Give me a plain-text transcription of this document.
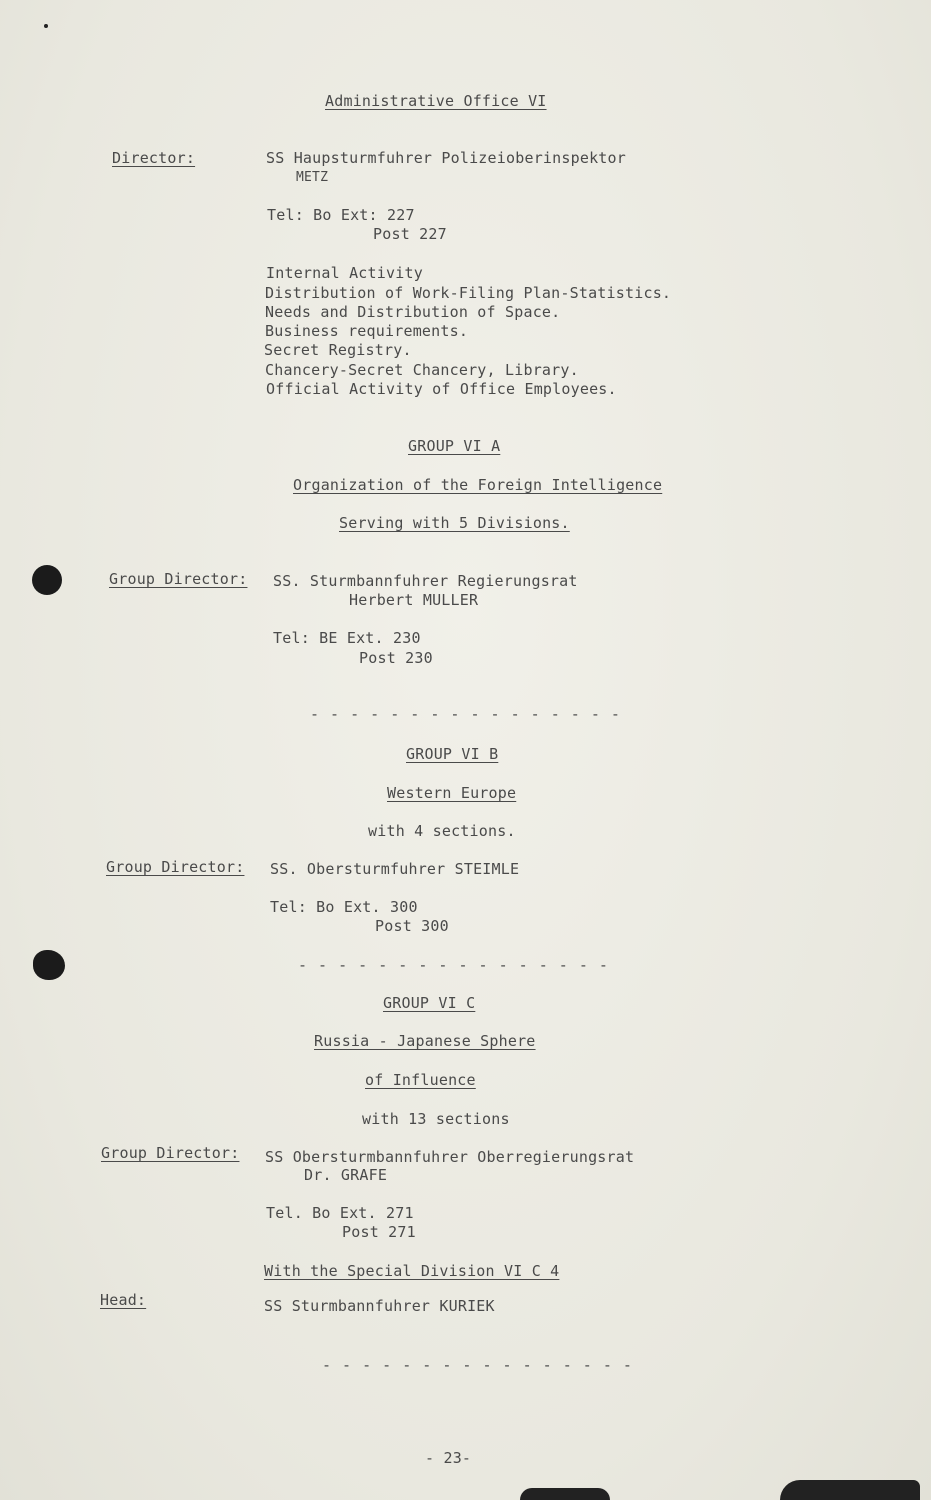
Administrative Office VI
Director:	SS Haupsturmfuhrer Polizeioberinspektor
METZ
Tel: Bo Ext: 227
Post 227
Internal Activity
Distribution of Work-Filing Plan-Statistics.
Needs and Distribution of Space.
Business requirements.
Secret Registry.
Chancery-Secret Chancery, Library.
Official Activity of Office Employees.
GROUP VI A
Organization of the Foreign Intelligence
Serving with 5 Divisions.
Group Director: SS. Sturmbannfuhrer Regierungsrat
Herbert MULLER
Tel: BE Ext. 230
Post 230
- - - - - - - - - - - - - - - -
GROUP VI B
Western Europe
with 4 sections.
Group Director: SS. Obersturmfuhrer STEIMLE
Tel: Bo Ext. 300
Post 300
- - - - - - - - - - - - - - - -
GROUP VI C
Russia - Japanese Sphere
of Influence
with 13 sections
Group Director: SS Obersturmbannfuhrer Oberregierungsrat
Dr. GRAFE
Tel. Bo Ext. 271
Post 271
With the Special Division VI C 4
Head:	SS Sturmbannfuhrer KURIEK
- - - - - - - - - - - - - - - -
- 23-
